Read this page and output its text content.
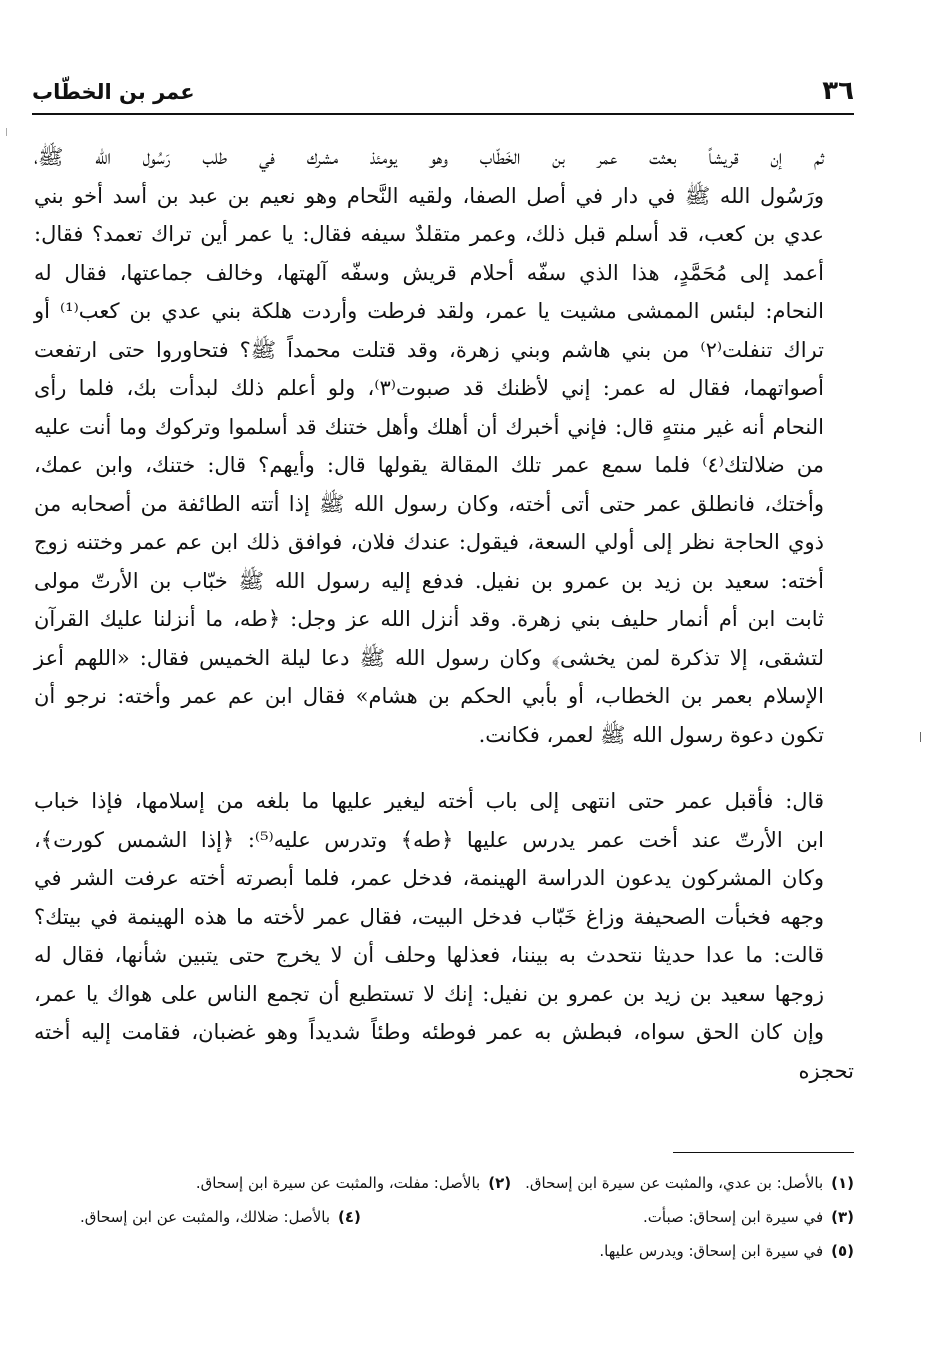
٣٦
عمر بن الخطّاب

ثم إن قريشاً بعثت عمر بن الخَطّاب وهو يومئذ مشرك في طلب رَسُول الله ﷺ،
ورَسُول الله ﷺ في دار في أصل الصفا، ولقيه النَّحام وهو نعيم بن عبد بن أسد أخو بني
عدي بن كعب، قد أسلم قبل ذلك، وعمر متقلدٌ سيفه فقال: يا عمر أين تراك تعمد؟ فقال:
أعمد إلى مُحَمَّدٍ، هذا الذي سفّه أحلام قريش وسفّه آلهتها، وخالف جماعتها، فقال له
النحام: لبئس الممشى مشيت يا عمر، ولقد فرطت وأردت هلكة بني عدي بن كعب⁽¹⁾ أو
تراك تنفلت⁽٢⁾ من بني هاشم وبني زهرة، وقد قتلت محمداً ﷺ؟ فتحاوروا حتى ارتفعت
أصواتهما، فقال له عمر: إني لأظنك قد صبوت⁽٣⁾، ولو أعلم ذلك لبدأت بك، فلما رأى
النحام أنه غير منتهٍ قال: فإني أخبرك أن أهلك وأهل ختنك قد أسلموا وتركوك وما أنت عليه
من ضلالتك⁽٤⁾ فلما سمع عمر تلك المقالة يقولها قال: وأيهم؟ قال: ختنك، وابن عمك،
وأختك، فانطلق عمر حتى أتى أخته، وكان رسول الله ﷺ إذا أتته الطائفة من أصحابه من
ذوي الحاجة نظر إلى أولي السعة، فيقول: عندك فلان، فوافق ذلك ابن عم عمر وختنه زوج
أخته: سعيد بن زيد بن عمرو بن نفيل. فدفع إليه رسول الله ﷺ خبّاب بن الأرتّ مولى
ثابت ابن أم أنمار حليف بني زهرة. وقد أنزل الله عز وجل: ﴿طه، ما أنزلنا عليك القرآن
لتشقى، إلا تذكرة لمن يخشى﴾ وكان رسول الله ﷺ دعا ليلة الخميس فقال: «اللهم أعز
الإسلام بعمر بن الخطاب، أو بأبي الحكم بن هشام» فقال ابن عم عمر وأخته: نرجو أن
تكون دعوة رسول الله ﷺ لعمر، فكانت.

قال: فأقبل عمر حتى انتهى إلى باب أخته ليغير عليها ما بلغه من إسلامها، فإذا خباب
ابن الأرتّ عند أخت عمر يدرس عليها ﴿طه﴾ وتدرس عليه⁽⁵⁾: ﴿إذا الشمس كورت﴾،
وكان المشركون يدعون الدراسة الهينمة، فدخل عمر، فلما أبصرته أخته عرفت الشر في
وجهه فخبأت الصحيفة وزاغ خَبّاب فدخل البيت، فقال عمر لأخته ما هذه الهينمة في بيتك؟
قالت: ما عدا حديثا نتحدث به بيننا، فعذلها وحلف أن لا يخرج حتى يتبين شأنها، فقال له
زوجها سعيد بن زيد بن عمرو بن نفيل: إنك لا تستطيع أن تجمع الناس على هواك يا عمر،
وإن كان الحق سواه، فبطش به عمر فوطئه وطئاً شديداً وهو غضبان، فقامت إليه أخته تحجزه

(١)بالأصل: بن عدي، والمثبت عن سيرة ابن إسحاق.
(٢)بالأصل: مفلت، والمثبت عن سيرة ابن إسحاق.
(٣)في سيرة ابن إسحاق: صبأت.
(٤)بالأصل: ضلالك، والمثبت عن ابن إسحاق.
(٥)في سيرة ابن إسحاق: ويدرس عليها.
